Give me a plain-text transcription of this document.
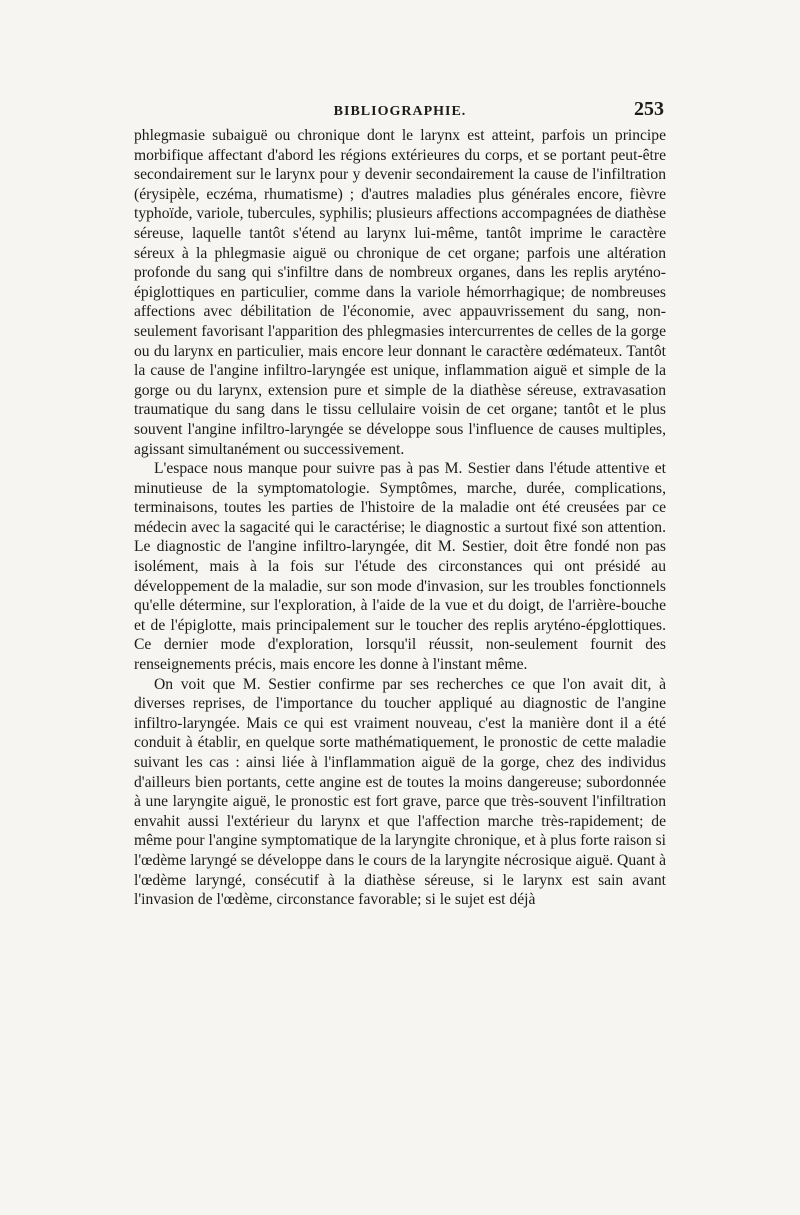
BIBLIOGRAPHIE.	253

phlegmasie subaiguë ou chronique dont le larynx est atteint, parfois un principe morbifique affectant d'abord les régions extérieures du corps, et se portant peut-être secondairement sur le larynx pour y devenir secondairement la cause de l'infiltration (érysipèle, eczéma, rhumatisme) ; d'autres maladies plus générales encore, fièvre typhoïde, variole, tubercules, syphilis; plusieurs affections accompagnées de diathèse séreuse, laquelle tantôt s'étend au larynx lui-même, tantôt imprime le caractère séreux à la phlegmasie aiguë ou chronique de cet organe; parfois une altération profonde du sang qui s'infiltre dans de nombreux organes, dans les replis aryténo-épiglottiques en particulier, comme dans la variole hémorrhagique; de nombreuses affections avec débilitation de l'économie, avec appauvrissement du sang, non-seulement favorisant l'apparition des phlegmasies intercurrentes de celles de la gorge ou du larynx en particulier, mais encore leur donnant le caractère œdémateux. Tantôt la cause de l'angine infiltro-laryngée est unique, inflammation aiguë et simple de la gorge ou du larynx, extension pure et simple de la diathèse séreuse, extravasation traumatique du sang dans le tissu cellulaire voisin de cet organe; tantôt et le plus souvent l'angine infiltro-laryngée se développe sous l'influence de causes multiples, agissant simultanément ou successivement.

L'espace nous manque pour suivre pas à pas M. Sestier dans l'étude attentive et minutieuse de la symptomatologie. Symptômes, marche, durée, complications, terminaisons, toutes les parties de l'histoire de la maladie ont été creusées par ce médecin avec la sagacité qui le caractérise; le diagnostic a surtout fixé son attention. Le diagnostic de l'angine infiltro-laryngée, dit M. Sestier, doit être fondé non pas isolément, mais à la fois sur l'étude des circonstances qui ont présidé au développement de la maladie, sur son mode d'invasion, sur les troubles fonctionnels qu'elle détermine, sur l'exploration, à l'aide de la vue et du doigt, de l'arrière-bouche et de l'épiglotte, mais principalement sur le toucher des replis aryténo-épglottiques. Ce dernier mode d'exploration, lorsqu'il réussit, non-seulement fournit des renseignements précis, mais encore les donne à l'instant même.

On voit que M. Sestier confirme par ses recherches ce que l'on avait dit, à diverses reprises, de l'importance du toucher appliqué au diagnostic de l'angine infiltro-laryngée. Mais ce qui est vraiment nouveau, c'est la manière dont il a été conduit à établir, en quelque sorte mathématiquement, le pronostic de cette maladie suivant les cas : ainsi liée à l'inflammation aiguë de la gorge, chez des individus d'ailleurs bien portants, cette angine est de toutes la moins dangereuse; subordonnée à une laryngite aiguë, le pronostic est fort grave, parce que très-souvent l'infiltration envahit aussi l'extérieur du larynx et que l'affection marche très-rapidement; de même pour l'angine symptomatique de la laryngite chronique, et à plus forte raison si l'œdème laryngé se développe dans le cours de la laryngite nécrosique aiguë. Quant à l'œdème laryngé, consécutif à la diathèse séreuse, si le larynx est sain avant l'invasion de l'œdème, circonstance favorable; si le sujet est déjà
